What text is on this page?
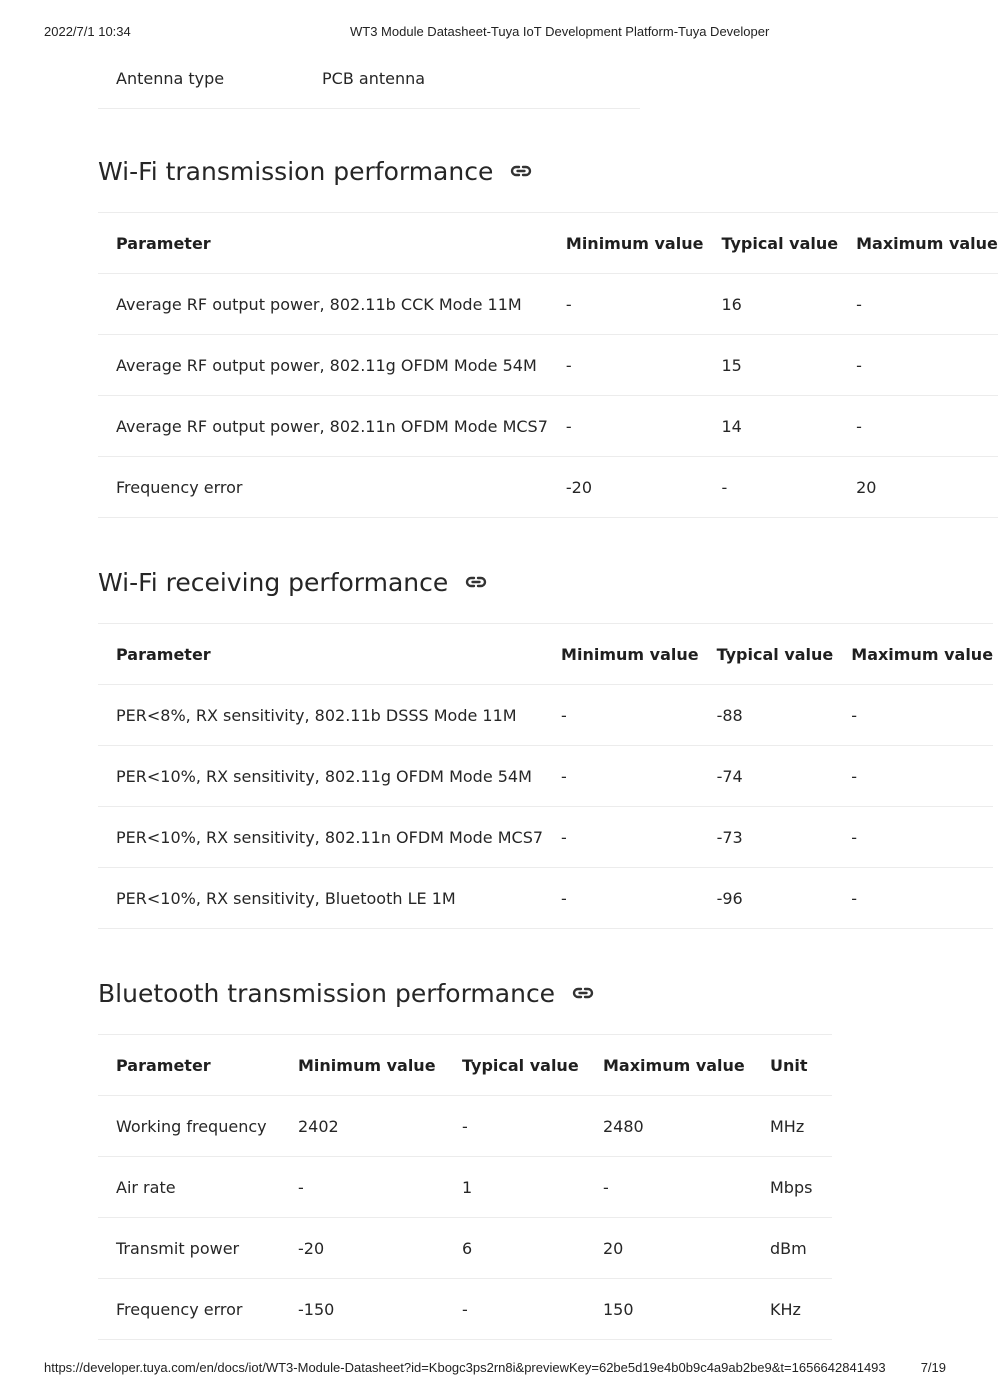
2022/7/1 10:34	WT3 Module Datasheet-Tuya IoT Development Platform-Tuya Developer
Antenna type	PCB antenna
Wi-Fi transmission performance
Parameter	Minimum value	Typical value	Maximum value
Average RF output power, 802.11b CCK Mode 11M	-	16	-
Average RF output power, 802.11g OFDM Mode 54M	-	15	-
Average RF output power, 802.11n OFDM Mode MCS7	-	14	-
Frequency error	-20	-	20
Wi-Fi receiving performance
Parameter	Minimum value	Typical value	Maximum value
PER<8%, RX sensitivity, 802.11b DSSS Mode 11M	-	-88	-
PER<10%, RX sensitivity, 802.11g OFDM Mode 54M	-	-74	-
PER<10%, RX sensitivity, 802.11n OFDM Mode MCS7	-	-73	-
PER<10%, RX sensitivity, Bluetooth LE 1M	-	-96	-
Bluetooth transmission performance
Parameter	Minimum value	Typical value	Maximum value	Unit
Working frequency	2402	-	2480	MHz
Air rate	-	1	-	Mbps
Transmit power	-20	6	20	dBm
Frequency error	-150	-	150	KHz
https://developer.tuya.com/en/docs/iot/WT3-Module-Datasheet?id=Kbogc3ps2rn8i&previewKey=62be5d19e4b0b9c4a9ab2be9&t=1656642841493	7/19
